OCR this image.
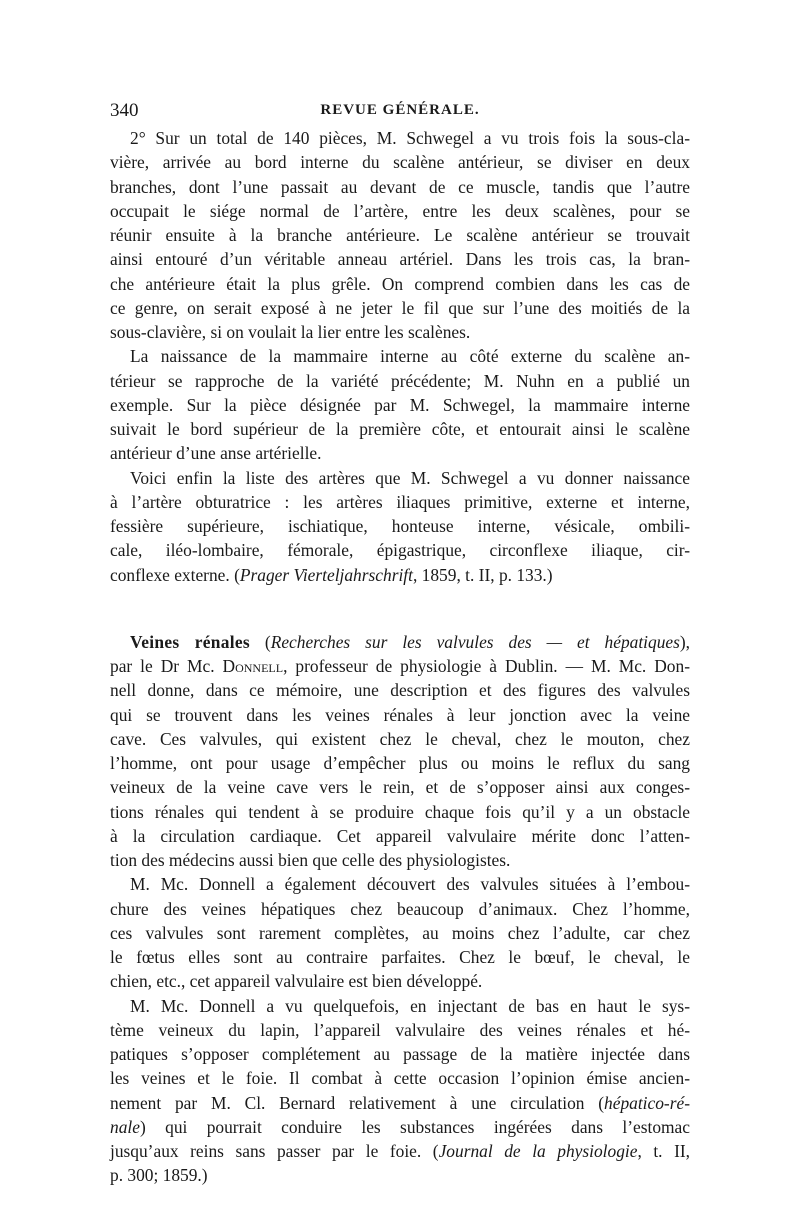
340	REVUE GÉNÉRALE.
2° Sur un total de 140 pièces, M. Schwegel a vu trois fois la sous-cla-
vière, arrivée au bord interne du scalène antérieur, se diviser en deux
branches, dont l’une passait au devant de ce muscle, tandis que l’autre
occupait le siége normal de l’artère, entre les deux scalènes, pour se
réunir ensuite à la branche antérieure. Le scalène antérieur se trouvait
ainsi entouré d’un véritable anneau artériel. Dans les trois cas, la bran-
che antérieure était la plus grêle. On comprend combien dans les cas de
ce genre, on serait exposé à ne jeter le fil que sur l’une des moitiés de la
sous-clavière, si on voulait la lier entre les scalènes.
La naissance de la mammaire interne au côté externe du scalène an-
térieur se rapproche de la variété précédente; M. Nuhn en a publié un
exemple. Sur la pièce désignée par M. Schwegel, la mammaire interne
suivait le bord supérieur de la première côte, et entourait ainsi le scalène
antérieur d’une anse artérielle.
Voici enfin la liste des artères que M. Schwegel a vu donner naissance
à l’artère obturatrice : les artères iliaques primitive, externe et interne,
fessière supérieure, ischiatique, honteuse interne, vésicale, ombili-
cale, iléo-lombaire, fémorale, épigastrique, circonflexe iliaque, cir-
conflexe externe. (Prager Vierteljahrschrift, 1859, t. II, p. 133.)
Veines rénales (Recherches sur les valvules des — et hépatiques),
par le Dr Mc. Donnell, professeur de physiologie à Dublin. — M. Mc. Don-
nell donne, dans ce mémoire, une description et des figures des valvules
qui se trouvent dans les veines rénales à leur jonction avec la veine
cave. Ces valvules, qui existent chez le cheval, chez le mouton, chez
l’homme, ont pour usage d’empêcher plus ou moins le reflux du sang
veineux de la veine cave vers le rein, et de s’opposer ainsi aux conges-
tions rénales qui tendent à se produire chaque fois qu’il y a un obstacle
à la circulation cardiaque. Cet appareil valvulaire mérite donc l’atten-
tion des médecins aussi bien que celle des physiologistes.
M. Mc. Donnell a également découvert des valvules situées à l’embou-
chure des veines hépatiques chez beaucoup d’animaux. Chez l’homme,
ces valvules sont rarement complètes, au moins chez l’adulte, car chez
le fœtus elles sont au contraire parfaites. Chez le bœuf, le cheval, le
chien, etc., cet appareil valvulaire est bien développé.
M. Mc. Donnell a vu quelquefois, en injectant de bas en haut le sys-
tème veineux du lapin, l’appareil valvulaire des veines rénales et hé-
patiques s’opposer complétement au passage de la matière injectée dans
les veines et le foie. Il combat à cette occasion l’opinion émise ancien-
nement par M. Cl. Bernard relativement à une circulation (hépatico-ré-
nale) qui pourrait conduire les substances ingérées dans l’estomac
jusqu’aux reins sans passer par le foie. (Journal de la physiologie, t. II,
p. 300; 1859.)
